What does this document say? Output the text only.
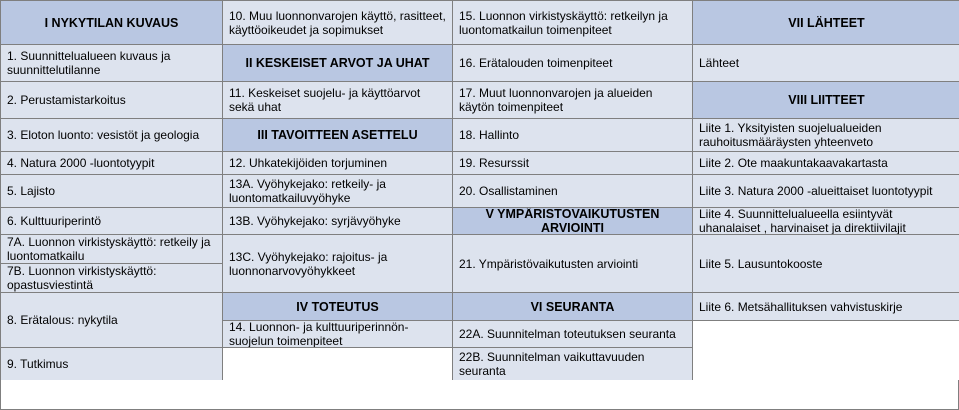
I NYKYTILAN KUVAUS
1. Suunnittelualueen kuvaus ja suunnittelutilanne
2. Perustamistarkoitus
3. Eloton luonto: vesistöt ja geologia
4. Natura 2000 -luontotyypit
5. Lajisto
6. Kulttuuriperintö
7A. Luonnon virkistyskäyttö: retkeily ja luontomatkailu
7B. Luonnon virkistyskäyttö: opastusviestintä
8. Erätalous: nykytila
9. Tutkimus
10. Muu luonnonvarojen käyttö, rasitteet, käyttöoikeudet ja sopimukset
II KESKEISET ARVOT JA UHAT
11. Keskeiset suojelu- ja käyttöarvot sekä uhat
III TAVOITTEEN ASETTELU
12. Uhkatekijöiden torjuminen
13A. Vyöhykejako: retkeily- ja luontomatkailuvyöhyke
13B. Vyöhykejako: syrjävyöhyke
13C. Vyöhykejako: rajoitus- ja luonnonarvovyöhykkeet
IV TOTEUTUS
14. Luonnon- ja kulttuuriperinnön-suojelun toimenpiteet
15. Luonnon virkistyskäyttö: retkeilyn ja luontomatkailun toimenpiteet
16. Erätalouden toimenpiteet
17. Muut luonnonvarojen ja alueiden käytön toimenpiteet
18. Hallinto
19. Resurssit
20. Osallistaminen
V YMPÄRISTÖVAIKUTUSTEN ARVIOINTI
21. Ympäristövaikutusten arviointi
VI SEURANTA
22A. Suunnitelman toteutuksen seuranta
22B. Suunnitelman vaikuttavuuden seuranta
VII LÄHTEET
Lähteet
VIII LIITTEET
Liite 1. Yksityisten suojelualueiden rauhoitusmääräysten yhteenveto
Liite 2. Ote maakuntakaavakartasta
Liite 3. Natura 2000 -alueittaiset luontotyypit
Liite 4. Suunnittelualueella esiintyvät uhanalaiset , harvinaiset ja direktiivilajit
Liite 5. Lausuntokooste
Liite 6. Metsähallituksen vahvistuskirje
